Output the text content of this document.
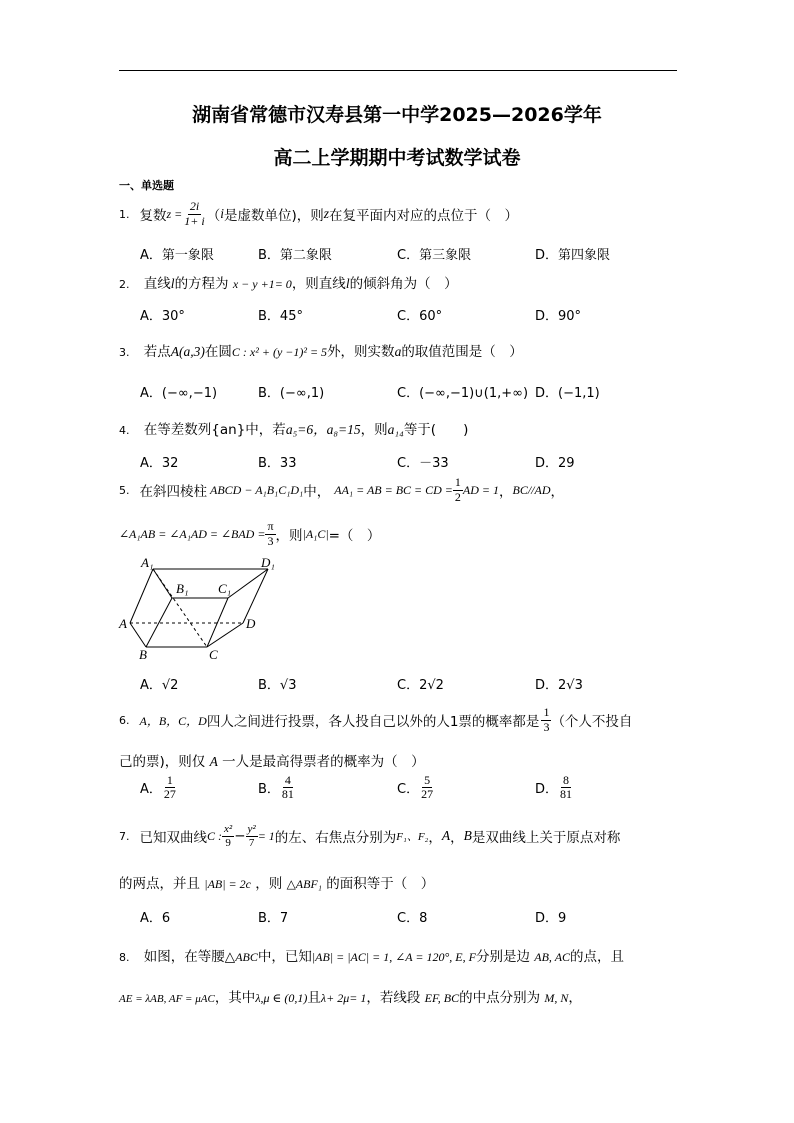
湖南省常德市汉寿县第一中学2025—2026学年
高二上学期期中考试数学试卷
一、单选题
1. 复数 $z = \frac{2i}{1+ i}$ （ i 是虚数单位)，则 z 在复平面内对应的点位于（　）
A．第一象限	B．第二象限	C．第三象限	D．第四象限
2. 直线l的方程为 x − y +1= 0，则直线l的倾斜角为（　）
A．30°	B．45°	C．60°	D．90°
3. 若点A(a,3)在圆C : x² + (y −1)² = 5外，则实数a的取值范围是（　）
A．(−∞,−1)	B．(−∞,1)	C．(−∞,−1)∪(1,+∞) D．(−1,1)
4. 在等差数列{an}中，若a₅=6，a₈=15，则a₁₄等于(　　)
A．32	B．33	C．－33	D．29
5. 在斜四棱柱 ABCD − A₁B₁C₁D₁ 中， AA₁ = AB = BC = CD = $\frac{1}{2}$ AD = 1 ， BC//AD ，
∠A₁AB = ∠A₁AD = ∠BAD = $\frac{\pi}{3}$ ，则 |A₁C| =（　）
A₁
B₁ C₁
D₁
A
B	C
D
A．√2	B．√3	C．2√2	D．2√3
6. A，B，C，D 四人之间进行投票，各人投自己以外的人1票的概率都是 $\frac{1}{3}$ （个人不投自
己的票)，则仅 A 一人是最高得票者的概率为（　）
A． $\frac{1}{27}$	B． $\frac{4}{81}$	C． $\frac{5}{27}$	D． $\frac{8}{81}$
7. 已知双曲线 C : $\frac{\text{x²}}{9} - \frac{\text{y²}}{7} = 1$ 的左、右焦点分别为 F₁、F₂ ， A ， B 是双曲线上关于原点对称
的两点，并且 |AB| = 2c ，则 △ABF₁ 的面积等于（　）
A．6	B．7	C．8	D．9
8. 如图，在等腰△ABC中，已知|AB| = |AC| = 1, ∠A = 120°, E, F分别是边 AB, AC的点，且
AE = λAB, AF = μAC，其中λ,μ ∈ (0,1)且λ+ 2μ= 1，若线段 EF, BC的中点分别为 M, N，
